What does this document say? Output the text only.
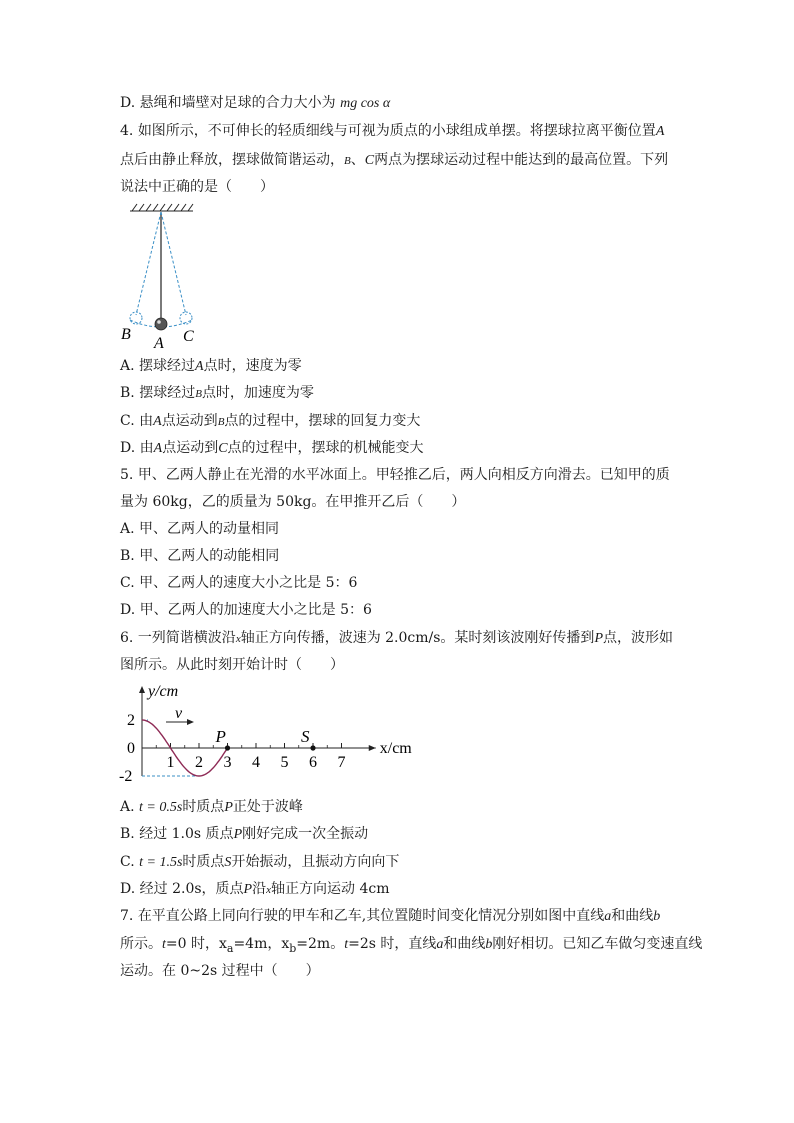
D. 悬绳和墙壁对足球的合力大小为 mg cos α
4. 如图所示，不可伸长的轻质细线与可视为质点的小球组成单摆。将摆球拉离平衡位置A
点后由静止释放，摆球做简谐运动，B、C两点为摆球运动过程中能达到的最高位置。下列
说法中正确的是（　　）
B
A C
A. 摆球经过A点时，速度为零
B. 摆球经过B点时，加速度为零
C. 由A点运动到B点的过程中，摆球的回复力变大
D. 由A点运动到C点的过程中，摆球的机械能变大
5. 甲、乙两人静止在光滑的水平冰面上。甲轻推乙后，两人向相反方向滑去。已知甲的质
量为 60kg，乙的质量为 50kg。在甲推开乙后（　　）
A. 甲、乙两人的动量相同
B. 甲、乙两人的动能相同
C. 甲、乙两人的速度大小之比是 5：6
D. 甲、乙两人的加速度大小之比是 5：6
6. 一列简谐横波沿x轴正方向传播，波速为 2.0cm/s。某时刻该波刚好传播到P点，波形如
图所示。从此时刻开始计时（　　）
y/cm
x/cm
1 2 3 4 5 6 7
2
0
-2
v
P	S
A. t = 0.5s时质点P正处于波峰
B. 经过 1.0s 质点P刚好完成一次全振动
C. t = 1.5s时质点S开始振动，且振动方向向下
D. 经过 2.0s，质点P沿x轴正方向运动 4cm
7. 在平直公路上同向行驶的甲车和乙车,其位置随时间变化情况分别如图中直线a和曲线b
所示。t=0 时，$x_a=4m$，$x_b=2m$。t=2s 时，直线a和曲线b刚好相切。已知乙车做匀变速直线
运动。在 0~2s 过程中（　　）
